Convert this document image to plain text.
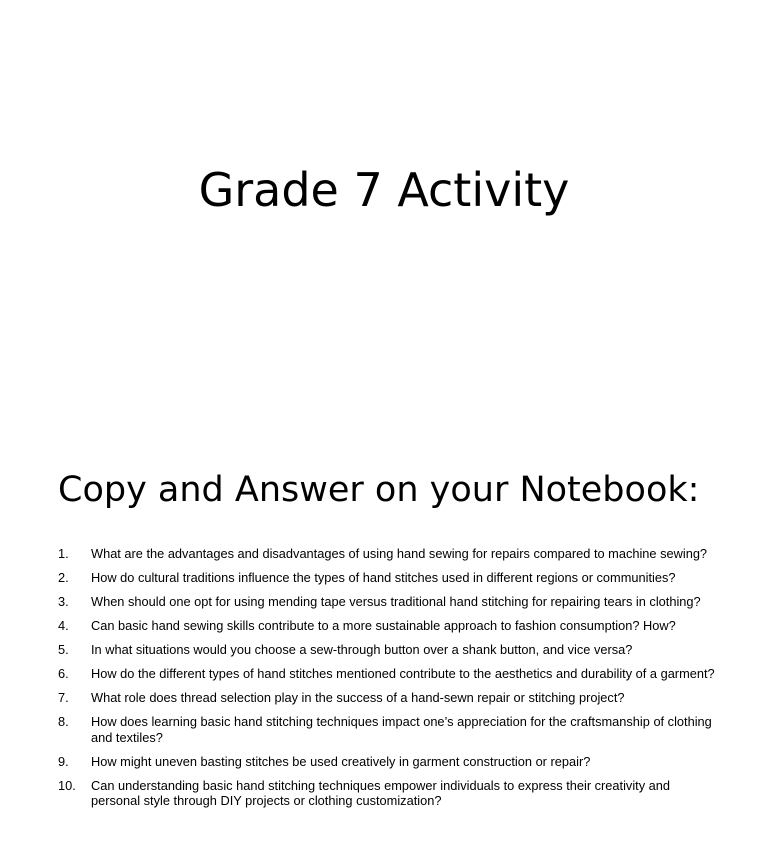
Grade 7 Activity
Copy and Answer on your Notebook:
1.	What are the advantages and disadvantages of using hand sewing for repairs compared to machine sewing?
2.	How do cultural traditions influence the types of hand stitches used in different regions or communities?
3.	When should one opt for using mending tape versus traditional hand stitching for repairing tears in clothing?
4.	Can basic hand sewing skills contribute to a more sustainable approach to fashion consumption? How?
5.	In what situations would you choose a sew-through button over a shank button, and vice versa?
6.	How do the different types of hand stitches mentioned contribute to the aesthetics and durability of a garment?
7.	What role does thread selection play in the success of a hand-sewn repair or stitching project?
8.	How does learning basic hand stitching techniques impact one’s appreciation for the craftsmanship of clothing and textiles?
9.	How might uneven basting stitches be used creatively in garment construction or repair?
10.	Can understanding basic hand stitching techniques empower individuals to express their creativity and personal style through DIY projects or clothing customization?
